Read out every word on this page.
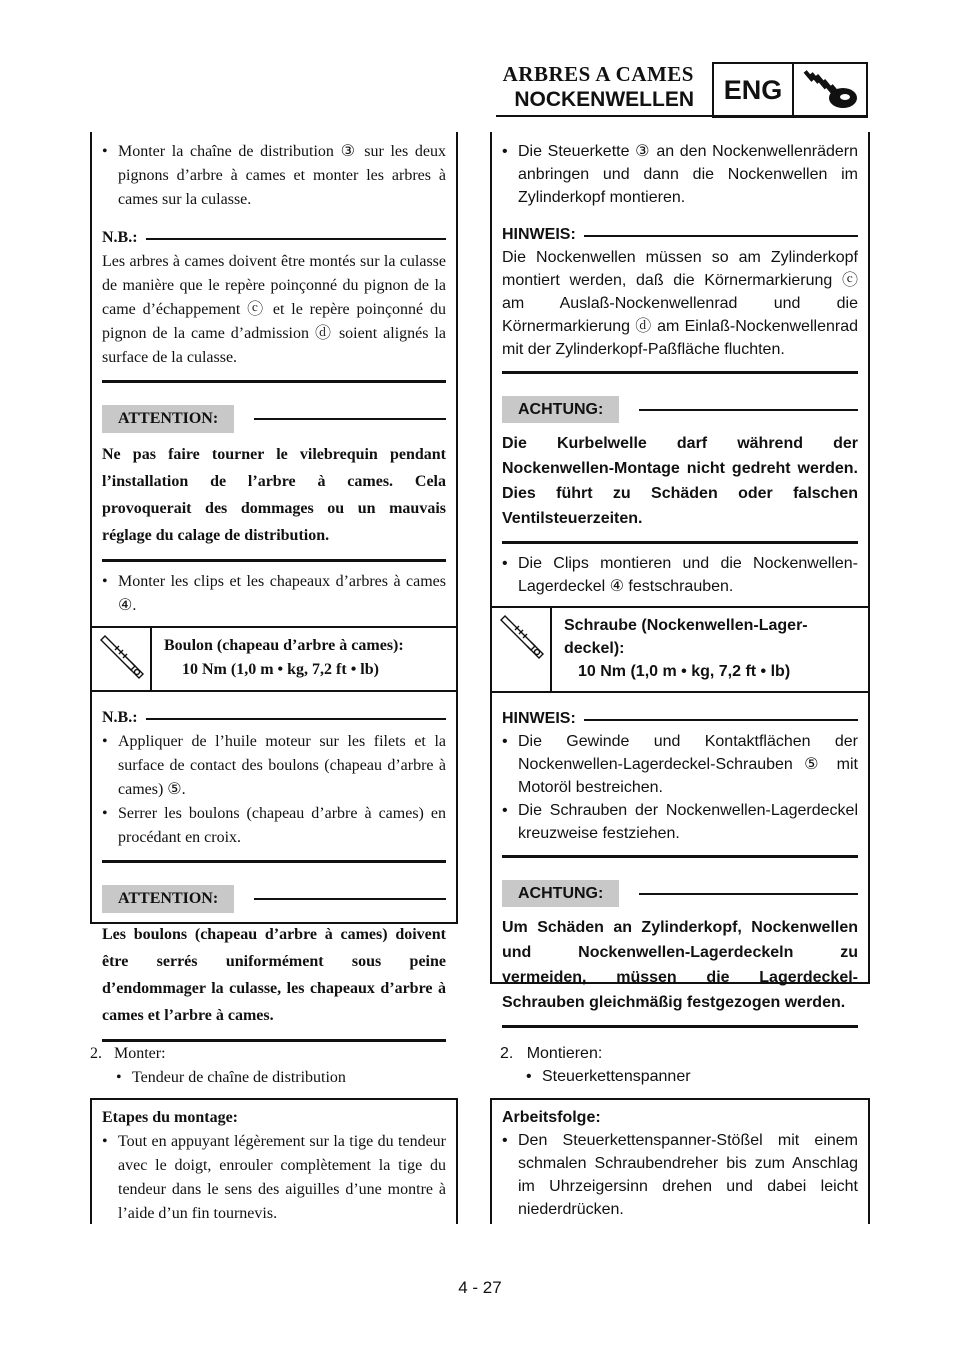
ARBRES A CAMES
NOCKENWELLEN	ENG

• Monter la chaîne de distribution ③ sur les deux pignons d’arbre à cames et monter les arbres à cames sur la culasse.

N.B.:

Les arbres à cames doivent être montés sur la culasse de manière que le repère poinçonné du pignon de la came d’échappement ⓒ et le repère poinçonné du pignon de la came d’admission ⓓ soient alignés la surface de la culasse.

ATTENTION:

Ne pas faire tourner le vilebrequin pendant l’installation de l’arbre à cames. Cela provoquerait des dommages ou un mauvais réglage du calage de distribution.

• Monter les clips et les chapeaux d’arbres à cames ④.

Boulon (chapeau d’arbre à cames):
10 Nm (1,0 m • kg, 7,2 ft • lb)
N.B.:

• Appliquer de l’huile moteur sur les filets et la surface de contact des boulons (chapeau d’arbre à cames) ⑤.

• Serrer les boulons (chapeau d’arbre à cames) en procédant en croix.

ATTENTION:

Les boulons (chapeau d’arbre à cames) doivent être serrés uniformément sous peine d’endommager la culasse, les chapeaux d’arbre à cames et l’arbre à cames.

• Die Steuerkette ③ an den Nockenwellenrädern anbringen und dann die Nockenwellen im Zylinderkopf montieren.

HINWEIS:

Die Nockenwellen müssen so am Zylinderkopf montiert werden, daß die Körnermarkierung ⓒ am Auslaß-Nockenwellenrad und die Körnermarkierung ⓓ am Einlaß-Nockenwellenrad mit der Zylinderkopf-Paßfläche fluchten.

ACHTUNG:

Die Kurbelwelle darf während der Nockenwellen-Montage nicht gedreht werden. Dies führt zu Schäden oder falschen Ventilsteuerzeiten.

• Die Clips montieren und die Nockenwellen-Lagerdeckel ④ festschrauben.

Schraube (Nockenwellen-Lager-
deckel):
10 Nm (1,0 m • kg, 7,2 ft • lb)
HINWEIS:

• Die Gewinde und Kontaktflächen der Nockenwellen-Lagerdeckel-Schrauben ⑤ mit Motoröl bestreichen.

• Die Schrauben der Nockenwellen-Lagerdeckel kreuzweise festziehen.

ACHTUNG:

Um Schäden an Zylinderkopf, Nockenwellen und Nockenwellen-Lagerdeckeln zu vermeiden, müssen die Lagerdeckel-Schrauben gleichmäßig festgezogen werden.

2. Monter:
• Tendeur de chaîne de distribution
Etapes du montage:

• Tout en appuyant légèrement sur la tige du tendeur avec le doigt, enrouler complètement la tige du tendeur dans le sens des aiguilles d’une montre à l’aide d’un fin tournevis.

2. Montieren:
• Steuerkettenspanner
Arbeitsfolge:

• Den Steuerkettenspanner-Stößel mit einem schmalen Schraubendreher bis zum Anschlag im Uhrzeigersinn drehen und dabei leicht niederdrücken.

4 - 27
